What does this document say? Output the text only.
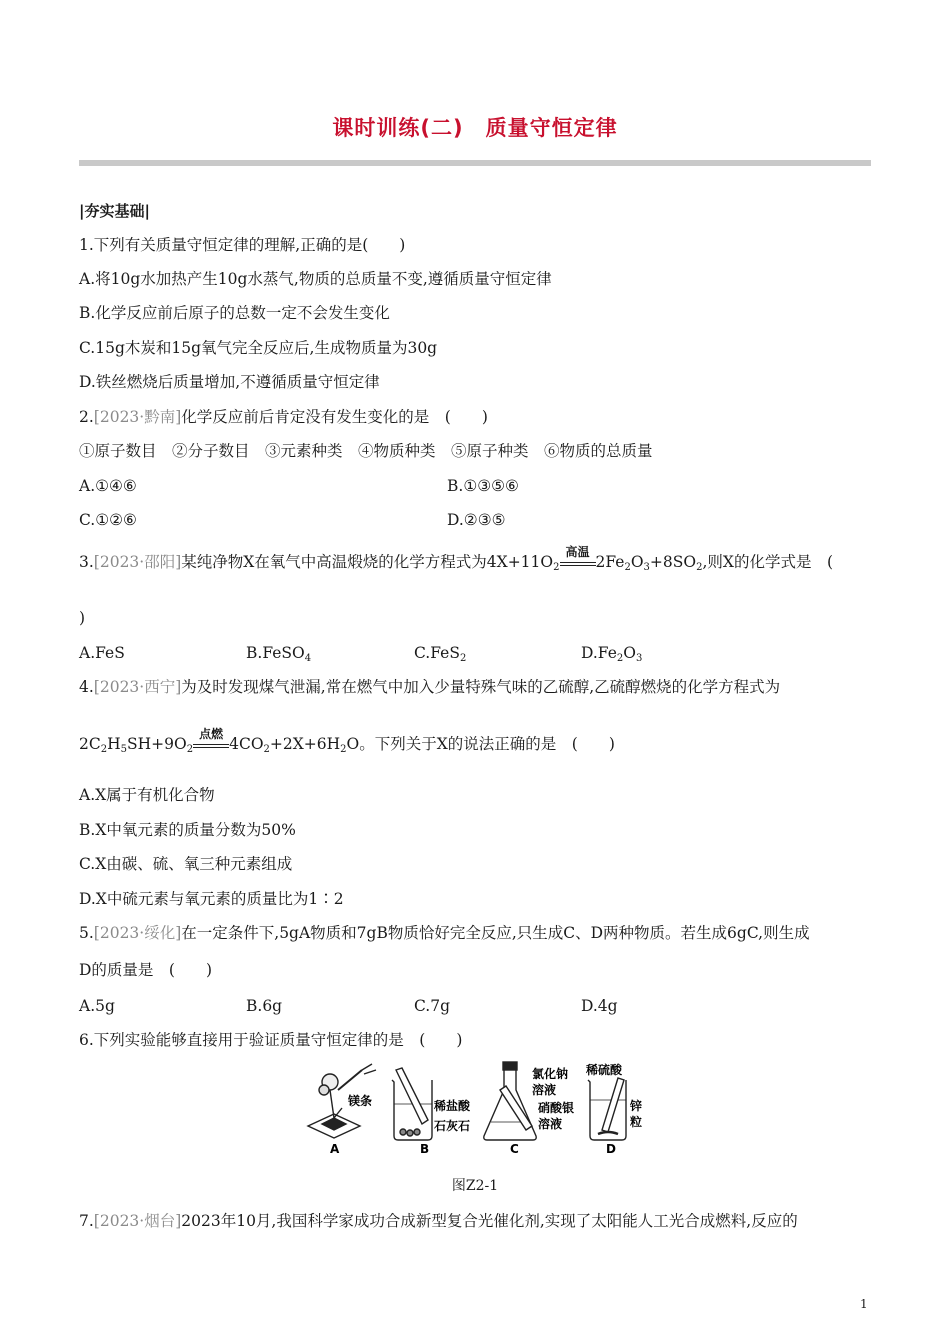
课时训练(二)　质量守恒定律
|夯实基础|
1.下列有关质量守恒定律的理解,正确的是(　　)
A.将10g水加热产生10g水蒸气,物质的总质量不变,遵循质量守恒定律
B.化学反应前后原子的总数一定不会发生变化
C.15g木炭和15g氧气完全反应后,生成物质量为30g
D.铁丝燃烧后质量增加,不遵循质量守恒定律
2.[2023·黔南]化学反应前后肯定没有发生变化的是　(　　)
①原子数目　②分子数目　③元素种类　④物质种类　⑤原子种类　⑥物质的总质量
A.①④⑥	B.①③⑤⑥
C.①②⑥	D.②③⑤
3.[2023·邵阳]某纯净物X在氧气中高温煅烧的化学方程式为$4X+11O_2$
高温
$2Fe_2O_3+8SO_2$,则X的化学式是　(
)
A.FeS	B.FeSO$_4$	C.FeS$_2$	$D.Fe_2O_3$
4.[2023·西宁]为及时发现煤气泄漏,常在燃气中加入少量特殊气味的乙硫醇,乙硫醇燃烧的化学方程式为
$2C_2H_5SH+9O_2$
点燃
$4CO_2+2X+6H_2O$。下列关于X的说法正确的是　(　　)
A.X属于有机化合物
B.X中氧元素的质量分数为50%
C.X由碳、硫、氧三种元素组成
D.X中硫元素与氧元素的质量比为1∶2
5.[2023·绥化]在一定条件下,5gA物质和7gB物质恰好完全反应,只生成C、D两种物质。若生成6gC,则生成
D的质量是　(　　)
A.5g	B.6g	C.7g	D.4g
6.下列实验能够直接用于验证质量守恒定律的是　(　　)
镁条
A
稀盐酸
石灰石
B
氯化钠
溶液
硝酸银
溶液
C
稀硫酸
锌
粒
D
图Z2-1
7.[2023·烟台]2023年10月,我国科学家成功合成新型复合光催化剂,实现了太阳能人工光合成燃料,反应的
1
